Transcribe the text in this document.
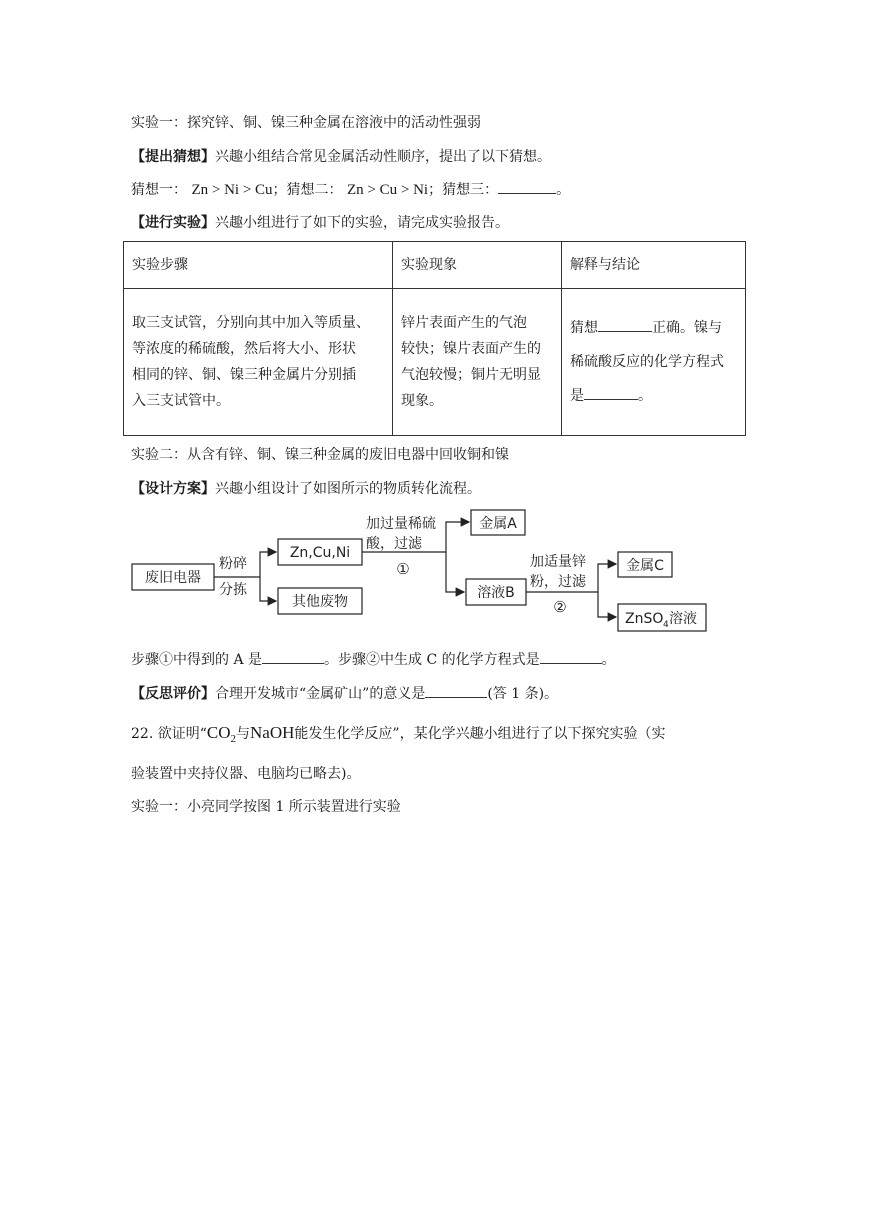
实验一：探究锌、铜、镍三种金属在溶液中的活动性强弱
【提出猜想】兴趣小组结合常见金属活动性顺序，提出了以下猜想。
猜想一： Zn > Ni > Cu；猜想二： Zn > Cu > Ni；猜想三：	。
【进行实验】兴趣小组进行了如下的实验，请完成实验报告。
实验步骤	实验现象	解释与结论

取三支试管，分别向其中加入等质量、
等浓度的稀硫酸，然后将大小、形状
相同的锌、铜、镍三种金属片分别插
入三支试管中。	锌片表面产生的气泡
较快；镍片表面产生的
气泡较慢；铜片无明显
现象。	猜想 正确。镍与
稀硫酸反应的化学方程式
是 。
实验二：从含有锌、铜、镍三种金属的废旧电器中回收铜和镍
【设计方案】兴趣小组设计了如图所示的物质转化流程。
废旧电器
粉碎
分拣
Zn,Cu,Ni
其他废物
加过量稀硫
酸，过滤
①
金属A
溶液B
加适量锌
粉，过滤
②
金属C
ZnSO 4 溶液
步骤①中得到的 A 是	。步骤②中生成 C 的化学方程式是	。
【反思评价】合理开发城市“金属矿山”的意义是	(答 1 条)。
22. 欲证明“$CO_2$与NaOH能发生化学反应”，某化学兴趣小组进行了以下探究实验（实
验装置中夹持仪器、电脑均已略去)。
实验一：小亮同学按图 1 所示装置进行实验
